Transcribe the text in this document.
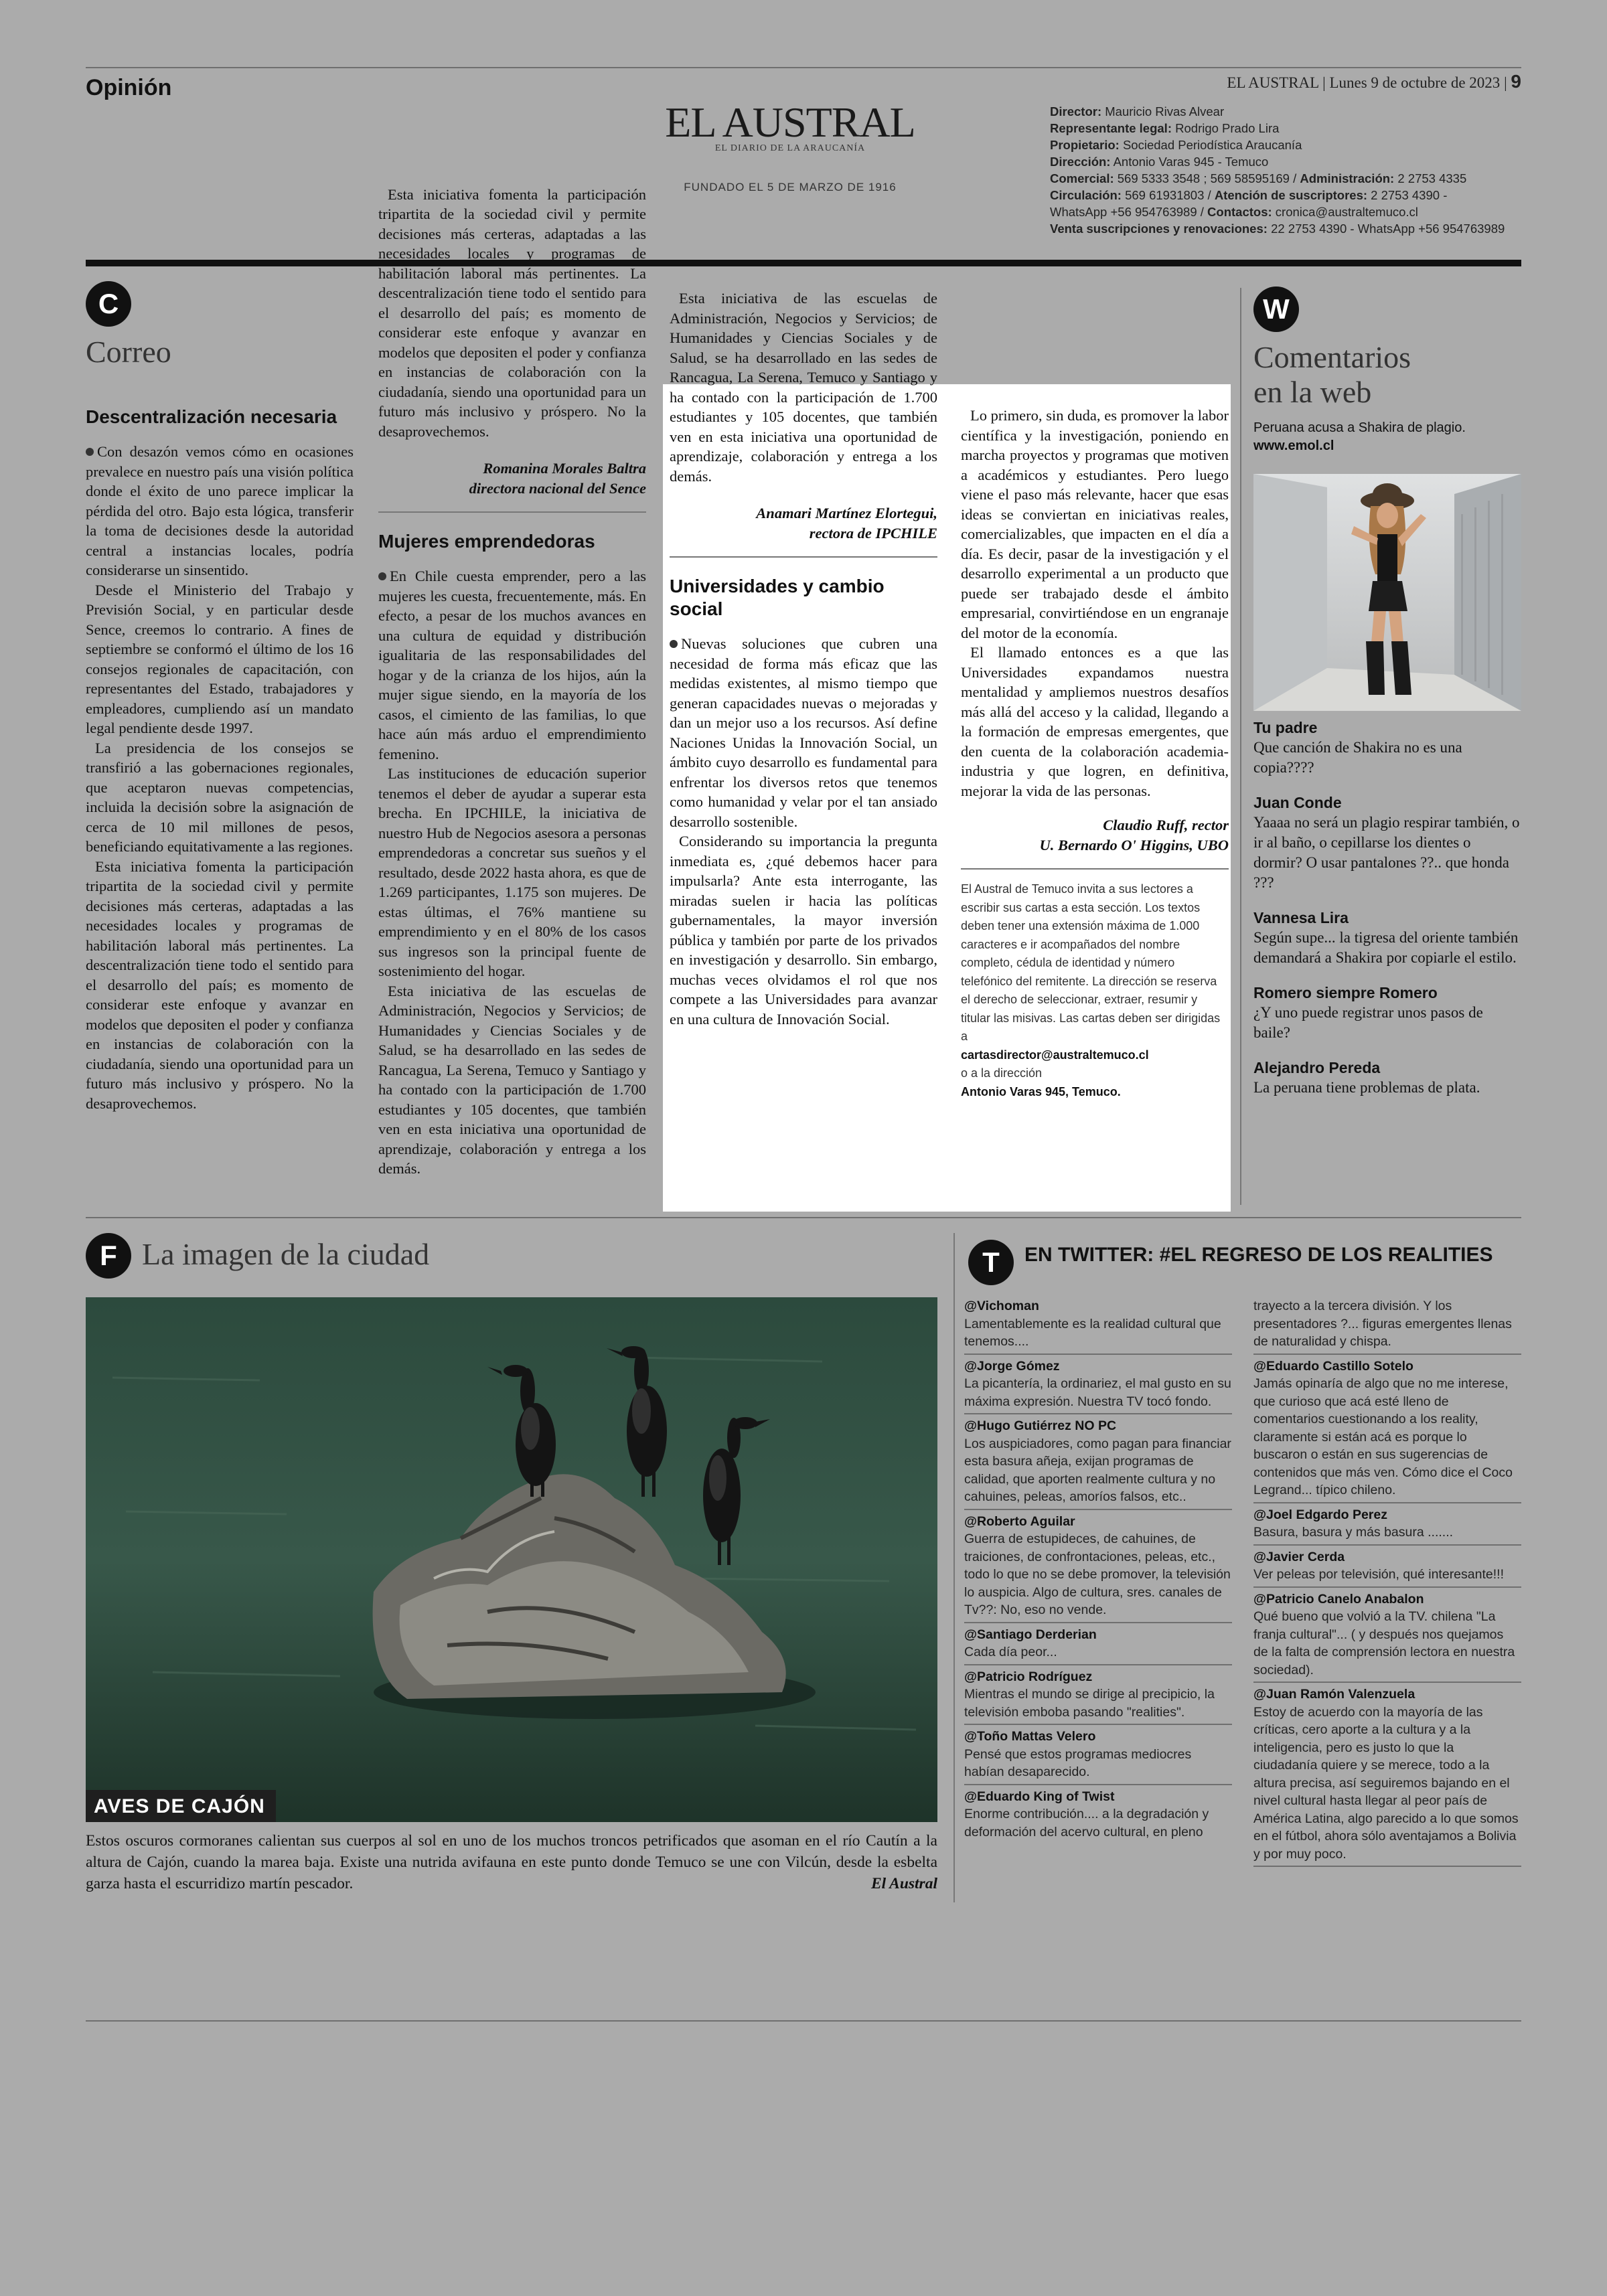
Opinión
EL AUSTRAL
EL DIARIO DE LA ARAUCANÍA
FUNDADO EL 5 DE MARZO DE 1916
EL AUSTRAL | Lunes 9 de octubre de 2023 | 9
Director: Mauricio Rivas Alvear
Representante legal: Rodrigo Prado Lira
Propietario: Sociedad Periodística Araucanía
Dirección: Antonio Varas 945 - Temuco
Comercial: 569 5333 3548 ; 569 58595169 / Administración: 2 2753 4335
Circulación: 569 61931803 / Atención de suscriptores: 2 2753 4390 -
WhatsApp +56 954763989 / Contactos: cronica@australtemuco.cl
Venta suscripciones y renovaciones: 22 2753 4390 - WhatsApp +56 954763989
C
Correo
Descentralización necesaria

Con desazón vemos cómo en ocasiones prevalece en nuestro país una visión política donde el éxito de uno parece implicar la pérdida del otro. Bajo esta lógica, transferir la toma de decisiones desde la autoridad central a instancias locales, podría considerarse un sinsentido.

Desde el Ministerio del Trabajo y Previsión Social, y en particular desde Sence, creemos lo contrario. A fines de septiembre se conformó el último de los 16 consejos regionales de capacitación, con representantes del Estado, trabajadores y empleadores, cumpliendo así un mandato legal pendiente desde 1997.

La presidencia de los consejos se transfirió a las gobernaciones regionales, que aceptaron nuevas competencias, incluida la decisión sobre la asignación de cerca de 10 mil millones de pesos, beneficiando equitativamente a las regiones.

Esta iniciativa fomenta la participación tripartita de la sociedad civil y permite decisiones más certeras, adaptadas a las necesidades locales y programas de habilitación laboral más pertinentes. La descentralización tiene todo el sentido para el desarrollo del país; es momento de considerar este enfoque y avanzar en modelos que depositen el poder y confianza en instancias de colaboración con la ciudadanía, siendo una oportunidad para un futuro más inclusivo y próspero. No la desaprovechemos.

Esta iniciativa fomenta la participación tripartita de la sociedad civil y permite decisiones más certeras, adaptadas a las necesidades locales y programas de habilitación laboral más pertinentes. La descentralización tiene todo el sentido para el desarrollo del país; es momento de considerar este enfoque y avanzar en modelos que depositen el poder y confianza en instancias de colaboración con la ciudadanía, siendo una oportunidad para un futuro más inclusivo y próspero. No la desaprovechemos.
Romanina Morales Baltra
directora nacional del Sence
Mujeres emprendedoras

En Chile cuesta emprender, pero a las mujeres les cuesta, frecuentemente, más. En efecto, a pesar de los muchos avances en una cultura de equidad y distribución igualitaria de las responsabilidades del hogar y de la crianza de los hijos, aún la mujer sigue siendo, en la mayoría de los casos, el cimiento de las familias, lo que hace aún más arduo el emprendimiento femenino.

Las instituciones de educación superior tenemos el deber de ayudar a superar esta brecha. En IPCHILE, la iniciativa de nuestro Hub de Negocios asesora a personas emprendedoras a concretar sus sueños y el resultado, desde 2022 hasta ahora, es que de 1.269 participantes, 1.175 son mujeres. De estas últimas, el 76% mantiene su emprendimiento y en el 80% de los casos sus ingresos son la principal fuente de sostenimiento del hogar.

Esta iniciativa de las escuelas de Administración, Negocios y Servicios; de Humanidades y Ciencias Sociales y de Salud, se ha desarrollado en las sedes de Rancagua, La Serena, Temuco y Santiago y ha contado con la participación de 1.700 estudiantes y 105 docentes, que también ven en esta iniciativa una oportunidad de aprendizaje, colaboración y entrega a los demás.

Esta iniciativa de las escuelas de Administración, Negocios y Servicios; de Humanidades y Ciencias Sociales y de Salud, se ha desarrollado en las sedes de Rancagua, La Serena, Temuco y Santiago y ha contado con la participación de 1.700 estudiantes y 105 docentes, que también ven en esta iniciativa una oportunidad de aprendizaje, colaboración y entrega a los demás.
Anamari Martínez Elortegui,
rectora de IPCHILE
Universidades y cambio social

Nuevas soluciones que cubren una necesidad de forma más eficaz que las medidas existentes, al mismo tiempo que generan capacidades nuevas o mejoradas y dan un mejor uso a los recursos. Así define Naciones Unidas la Innovación Social, un ámbito cuyo desarrollo es fundamental para enfrentar los diversos retos que tenemos como humanidad y velar por el tan ansiado desarrollo sostenible.

Considerando su importancia la pregunta inmediata es, ¿qué debemos hacer para impulsarla? Ante esta interrogante, las miradas suelen ir hacia las políticas gubernamentales, la mayor inversión pública y también por parte de los privados en investigación y desarrollo. Sin embargo, muchas veces olvidamos el rol que nos compete a las Universidades para avanzar en una cultura de Innovación Social.

Lo primero, sin duda, es promover la labor científica y la investigación, poniendo en marcha proyectos y programas que motiven a académicos y estudiantes. Pero luego viene el paso más relevante, hacer que esas ideas se conviertan en iniciativas reales, comercializables, que impacten en el día a día. Es decir, pasar de la investigación y el desarrollo experimental a un producto que puede ser trabajado desde el ámbito empresarial, convirtiéndose en un engranaje del motor de la economía.

El llamado entonces es a que las Universidades expandamos nuestra mentalidad y ampliemos nuestros desafíos más allá del acceso y la calidad, llegando a la formación de empresas emergentes, que den cuenta de la colaboración academia-industria y que logren, en definitiva, mejorar la vida de las personas.

Claudio Ruff, rector
U. Bernardo O' Higgins, UBO
El Austral de Temuco invita a sus lectores a escribir sus cartas a esta sección. Los textos deben tener una extensión máxima de 1.000 caracteres e ir acompañados del nombre completo, cédula de identidad y número telefónico del remitente. La dirección se reserva el derecho de seleccionar, extraer, resumir y titular las misivas. Las cartas deben ser dirigidas a
cartasdirector@australtemuco.cl
o a la dirección
Antonio Varas 945, Temuco.
W
Comentarios
en la web
Peruana acusa a Shakira de plagio.
www.emol.cl
Tu padre
Que canción de Shakira no es una copia????
Juan Conde
Yaaaa no será un plagio respirar también, o ir al baño, o cepillarse los dientes o dormir? O usar pantalones ??.. que honda ???
Vannesa Lira
Según supe... la tigresa del oriente también demandará a Shakira por copiarle el estilo.
Romero siempre Romero
¿Y uno puede registrar unos pasos de baile?
Alejandro Pereda
La peruana tiene problemas de plata.
F La imagen de la ciudad
AVES DE CAJÓN
Estos oscuros cormoranes calientan sus cuerpos al sol en uno de los muchos troncos petrificados que asoman en el río Cautín a la altura de Cajón, cuando la marea baja. Existe una nutrida avifauna en este punto donde Temuco se une con Vilcún, desde la esbelta garza hasta el escurridizo martín pescador.	El Austral
T	EN TWITTER: #EL REGRESO DE LOS REALITIES
@Vichoman
Lamentablemente es la realidad cultural que tenemos....
@Jorge Gómez
La picantería, la ordinariez, el mal gusto en su máxima expresión. Nuestra TV tocó fondo.
@Hugo Gutiérrez NO PC
Los auspiciadores, como pagan para financiar esta basura añeja, exijan programas de calidad, que aporten realmente cultura y no cahuines, peleas, amoríos falsos, etc..
@Roberto Aguilar
Guerra de estupideces, de cahuines, de traiciones, de confrontaciones, peleas, etc., todo lo que no se debe promover, la televisión lo auspicia. Algo de cultura, sres. canales de Tv??: No, eso no vende.
@Santiago Derderian
Cada día peor...
@Patricio Rodríguez
Mientras el mundo se dirige al precipicio, la televisión emboba pasando "realities".
@Toño Mattas Velero
Pensé que estos programas mediocres habían desaparecido.
@Eduardo King of Twist
Enorme contribución.... a la degradación y deformación del acervo cultural, en pleno
trayecto a la tercera división. Y los presentadores ?... figuras emergentes llenas de naturalidad y chispa.
@Eduardo Castillo Sotelo
Jamás opinaría de algo que no me interese, que curioso que acá esté lleno de comentarios cuestionando a los reality, claramente si están acá es porque lo buscaron o están en sus sugerencias de contenidos que más ven. Cómo dice el Coco Legrand... típico chileno.
@Joel Edgardo Perez
Basura, basura y más basura .......
@Javier Cerda
Ver peleas por televisión, qué interesante!!!
@Patricio Canelo Anabalon
Qué bueno que volvió a la TV. chilena "La franja cultural"... ( y después nos quejamos de la falta de comprensión lectora en nuestra sociedad).
@Juan Ramón Valenzuela
Estoy de acuerdo con la mayoría de las críticas, cero aporte a la cultura y a la inteligencia, pero es justo lo que la ciudadanía quiere y se merece, todo a la altura precisa, así seguiremos bajando en el nivel cultural hasta llegar al peor país de América Latina, algo parecido a lo que somos en el fútbol, ahora sólo aventajamos a Bolivia y por muy poco.
